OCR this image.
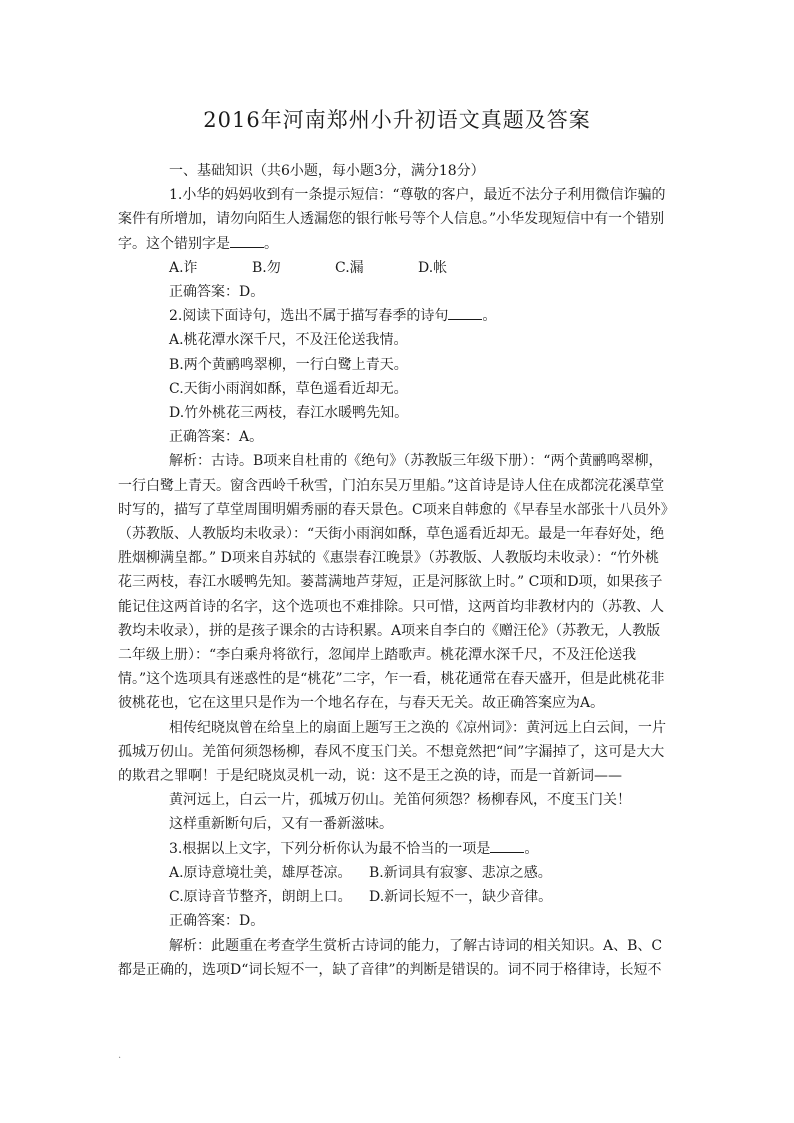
2016年河南郑州小升初语文真题及答案

一、基础知识（共6小题，每小题3分，满分18分）

1.小华的妈妈收到有一条提示短信：“尊敬的客户，最近不法分子利用微信诈骗的案件有所增加，请勿向陌生人透漏您的银行帐号等个人信息。”小华发现短信中有一个错别字。这个错别字是 。

A.诈	B.勿	C.漏	D.帐

正确答案：D。

2.阅读下面诗句，选出不属于描写春季的诗句 。

A.桃花潭水深千尺，不及汪伦送我情。

B.两个黄鹂鸣翠柳，一行白鹭上青天。

C.天街小雨润如酥，草色遥看近却无。

D.竹外桃花三两枝，春江水暖鸭先知。

正确答案：A。

解析：古诗。B项来自杜甫的《绝句》（苏教版三年级下册）：“两个黄鹂鸣翠柳，一行白鹭上青天。窗含西岭千秋雪，门泊东吴万里船。”这首诗是诗人住在成都浣花溪草堂时写的，描写了草堂周围明媚秀丽的春天景色。C项来自韩愈的《早春呈水部张十八员外》（苏教版、人教版均未收录）：“天街小雨润如酥，草色遥看近却无。最是一年春好处，绝胜烟柳满皇都。” D项来自苏轼的《惠崇春江晚景》（苏教版、人教版均未收录）：“竹外桃花三两枝，春江水暖鸭先知。蒌蒿满地芦芽短，正是河豚欲上时。” C项和D项，如果孩子能记住这两首诗的名字，这个选项也不难排除。只可惜，这两首均非教材内的（苏教、人教均未收录），拼的是孩子课余的古诗积累。A项来自李白的《赠汪伦》（苏教无，人教版二年级上册）：“李白乘舟将欲行，忽闻岸上踏歌声。桃花潭水深千尺，不及汪伦送我情。”这个选项具有迷惑性的是“桃花”二字，乍一看，桃花通常在春天盛开，但是此桃花非彼桃花也，它在这里只是作为一个地名存在，与春天无关。故正确答案应为A。

相传纪晓岚曾在给皇上的扇面上题写王之涣的《凉州词》：黄河远上白云间，一片孤城万仞山。羌笛何须怨杨柳，春风不度玉门关。不想竟然把“间”字漏掉了，这可是大大的欺君之罪啊！于是纪晓岚灵机一动，说：这不是王之涣的诗，而是一首新词——

黄河远上，白云一片，孤城万仞山。羌笛何须怨？杨柳春风，不度玉门关！

这样重新断句后，又有一番新滋味。

3.根据以上文字，下列分析你认为最不恰当的一项是 。

A.原诗意境壮美，雄厚苍凉。	B.新词具有寂寥、悲凉之感。

C.原诗音节整齐，朗朗上口。	D.新词长短不一，缺少音律。

正确答案：D。

解析：此题重在考查学生赏析古诗词的能力，了解古诗词的相关知识。A、B、C都是正确的，选项D“词长短不一，缺了音律”的判断是错误的。词不同于格律诗，长短不

.
